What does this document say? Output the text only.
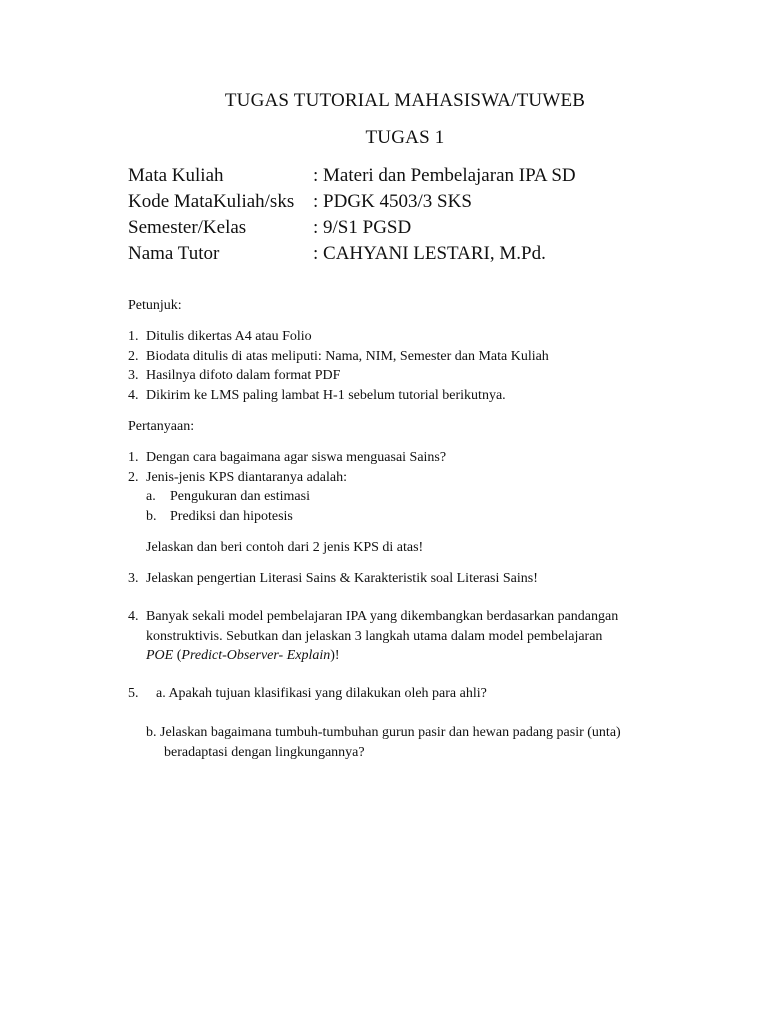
TUGAS TUTORIAL MAHASISWA/TUWEB
TUGAS 1
Mata Kuliah	: Materi dan Pembelajaran IPA SD
Kode MataKuliah/sks : PDGK 4503/3 SKS
Semester/Kelas	: 9/S1 PGSD
Nama Tutor	: CAHYANI LESTARI, M.Pd.
Petunjuk:
1. Ditulis dikertas A4 atau Folio
2. Biodata ditulis di atas meliputi: Nama, NIM, Semester dan Mata Kuliah
3. Hasilnya difoto dalam format PDF
4. Dikirim ke LMS paling lambat H-1 sebelum tutorial berikutnya.
Pertanyaan:
1. Dengan cara bagaimana agar siswa menguasai Sains?
2. Jenis-jenis KPS diantaranya adalah:
a. Pengukuran dan estimasi
b. Prediksi dan hipotesis
Jelaskan dan beri contoh dari 2 jenis KPS di atas!
3. Jelaskan pengertian Literasi Sains & Karakteristik soal Literasi Sains!
4. Banyak sekali model pembelajaran IPA yang dikembangkan berdasarkan pandangan
konstruktivis. Sebutkan dan jelaskan 3 langkah utama dalam model pembelajaran
POE (Predict-Observer- Explain)!
5. a. Apakah tujuan klasifikasi yang dilakukan oleh para ahli?
b. Jelaskan bagaimana tumbuh-tumbuhan gurun pasir dan hewan padang pasir (unta)
beradaptasi dengan lingkungannya?
